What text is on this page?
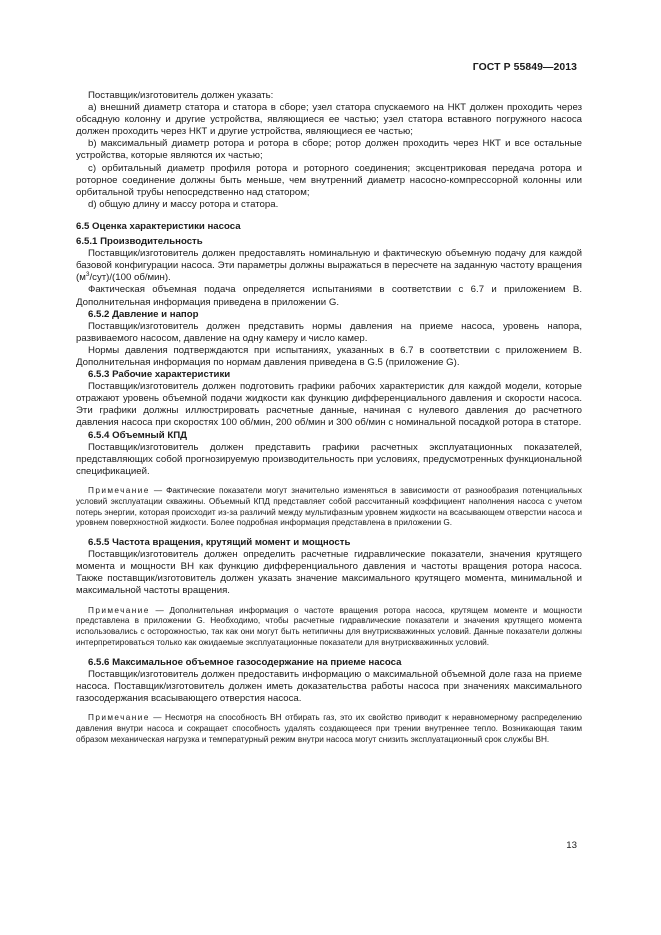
ГОСТ Р 55849—2013

Поставщик/изготовитель должен указать:

а) внешний диаметр статора и статора в сборе; узел статора спускаемого на НКТ должен проходить через обсадную колонну и другие устройства, являющиеся ее частью; узел статора вставного погружного насоса должен проходить через НКТ и другие устройства, являющиеся ее частью;

b) максимальный диаметр ротора и ротора в сборе; ротор должен проходить через НКТ и все остальные устройства, которые являются их частью;

с) орбитальный диаметр профиля ротора и роторного соединения; эксцентриковая передача ротора и роторное соединение должны быть меньше, чем внутренний диаметр насосно-компрессорной колонны или орбитальной трубы непосредственно над статором;

d) общую длину и массу ротора и статора.

6.5 Оценка характеристики насоса

6.5.1 Производительность

Поставщик/изготовитель должен предоставлять номинальную и фактическую объемную подачу для каждой базовой конфигурации насоса. Эти параметры должны выражаться в пересчете на заданную частоту вращения $(м^3/сут)/(100$ об/мин).

Фактическая объемная подача определяется испытаниями в соответствии с 6.7 и приложением В. Дополнительная информация приведена в приложении G.

6.5.2 Давление и напор

Поставщик/изготовитель должен представить нормы давления на приеме насоса, уровень напора, развиваемого насосом, давление на одну камеру и число камер.

Нормы давления подтверждаются при испытаниях, указанных в 6.7 в соответствии с приложением В. Дополнительная информация по нормам давления приведена в G.5 (приложение G).

6.5.3 Рабочие характеристики

Поставщик/изготовитель должен подготовить графики рабочих характеристик для каждой модели, которые отражают уровень объемной подачи жидкости как функцию дифференциального давления и скорости насоса. Эти графики должны иллюстрировать расчетные данные, начиная с нулевого давления до расчетного давления насоса при скоростях 100 об/мин, 200 об/мин и 300 об/мин с номинальной посадкой ротора в статоре.

6.5.4 Объемный КПД

Поставщик/изготовитель должен представить графики расчетных эксплуатационных показателей, представляющих собой прогнозируемую производительность при условиях, предусмотренных функциональной спецификацией.

Примечание — Фактические показатели могут значительно изменяться в зависимости от разнообразия потенциальных условий эксплуатации скважины. Объемный КПД представляет собой рассчитанный коэффициент наполнения насоса с учетом потерь энергии, которая происходит из-за различий между мультифазным уровнем жидкости на всасывающем отверстии насоса и уровнем поверхностной жидкости. Более подробная информация представлена в приложении G.

6.5.5 Частота вращения, крутящий момент и мощность

Поставщик/изготовитель должен определить расчетные гидравлические показатели, значения крутящего момента и мощности ВН как функцию дифференциального давления и частоты вращения ротора насоса. Также поставщик/изготовитель должен указать значение максимального крутящего момента, минимальной и максимальной частоты вращения.

Примечание — Дополнительная информация о частоте вращения ротора насоса, крутящем моменте и мощности представлена в приложении G. Необходимо, чтобы расчетные гидравлические показатели и значения крутящего момента использовались с осторожностью, так как они могут быть нетипичны для внутрискважинных условий. Данные показатели должны интерпретироваться только как ожидаемые эксплуатационные показатели для внутрискважинных условий.

6.5.6 Максимальное объемное газосодержание на приеме насоса

Поставщик/изготовитель должен предоставить информацию о максимальной объемной доле газа на приеме насоса. Поставщик/изготовитель должен иметь доказательства работы насоса при значениях максимального газосодержания всасывающего отверстия насоса.

Примечание — Несмотря на способность ВН отбирать газ, это их свойство приводит к неравномерному распределению давления внутри насоса и сокращает способность удалять создающееся при трении внутреннее тепло. Возникающая таким образом механическая нагрузка и температурный режим внутри насоса могут снизить эксплуатационный срок службы ВН.

13
